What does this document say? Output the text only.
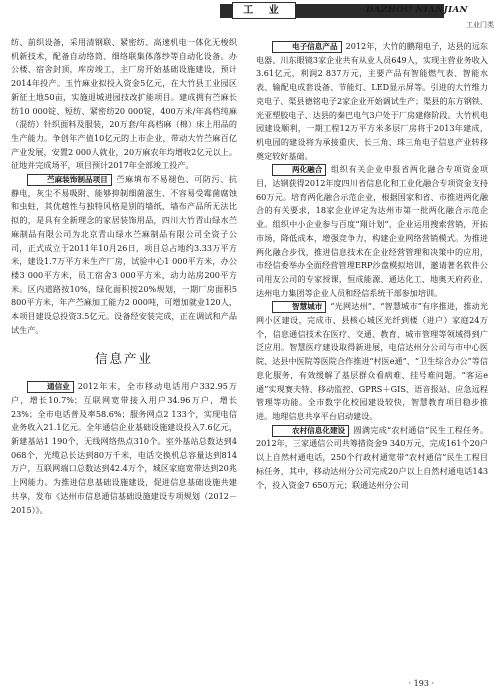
工 业	DAZHOU NIANJIAN
工业门类

纺、前织设备，采用清钢联、紧密纺、高速机电一体化无梭织机新技术，配备自动络筒、细络联集体落纱等自动化设备。办公楼、宿舍封顶，库房竣工，主厂房开始基础设施建设，预计2014年投产。玉竹麻业拟投入资金5亿元，在大竹县工业园区新征土地50亩，实施退城进园技改扩能项目。建成拥有苎麻长纺10 000锭、短纺、紧密纺20 000锭，400万米/年高档纯麻（混纺）针织面料及服装，20万套/年高档麻（棉）床上用品的生产能力。争创年产值10亿元的上市企业，带动大竹苎麻百亿产业发展，安置2 000人就业，20万麻农年均增收2亿元以上。征地并完成场平，项目预计2017年全部竣工投产。

苎麻装饰制品项目 苎麻填布不易褪色、可防污、抗静电，灰尘不易吸附、能够抑制细菌滋生、不容易受霉菌腐蚀和虫蛀，其优越性与独特风格是别的墙纸、墙布产品所无法比拟的，是具有全新理念的家居装饰用品，四川大竹青山绿水苎麻制品有限公司为北京青山绿水苎麻制品有限公司全资子公司，正式成立于2011年10月26日，项目总占地约3.33万平方米，建设1.7万平方米生产厂房，试验中心1 000平方米，办公楼3 000平方米，员工宿舍3 000平方米，动力站房200平方米。区内道路按10%，绿化面积按20%规划，一期厂房面积5 800平方米，年产苎麻加工能力2 000吨，可增加就业120人，本项目建设总投资3.5亿元。设备经安装完成，正在调试和产品试生产。

信息产业

通信业 2012年末，全市移动电话用户332.95万户，增长10.7%；互联网宽带接入用户34.96万户，增长23%；全市电话普及率58.6%；服务网点2 133个，实现电信业务收入21.1亿元。全年通信企业基础设施建设投入7.6亿元，新建基站1 190个，无线网络热点310个。室外基站总数达到4 068个，光缆总长达到80万千米，电话交换机总容量达到814万户，互联网端口总数达到42.4万个，城区家庭宽带达到20兆上网能力。为推进信息基础设施建设，促进信息基础设施共建共享，发布《达州市信息通信基础设施建设专项规划（2012－2015）》。

电子信息产品 2012年，大竹的鹏翔电子，达县的远东电器、川东眼镜3家企业共有从业人员649人，实现主营业务收入3.61亿元，利润2 837万元，主要产品有智能燃气表、智能水表、输配电成套设备、节能灯、LED显示屏等。引进的大竹维力克电子、渠县德铭电子2家企业开始调试生产；渠县的东方钢铁、光亚塑胶电子、达县的秦巴电气3户处于厂房建修阶段。大竹机电园建设顺利，一期工程12万平方米多层厂房将于2013年建成，机电园的建设将为承接重庆、长三角、珠三角电子信息产业转移奠定较好基础。

两化融合 组织有关企业申报省两化融合专项资金项目，达钢获得2012年度四川省信息化和工业化融合专项资金支持60万元。培育两化融合示范企业，根据国家和省、市推进两化融合的有关要求，18家企业评定为达州市第一批两化融合示范企业。组织中小企业参与百度“翔计划”，企业运用搜索营销，开拓市场，降低成本，增强竞争力，构建企业网络营销模式。为推进两化融合步伐，推进信息技术在企业经营管理和决策中的应用，市经信委举办全面经营管理ERP沙盘模拟培训，邀请著名软件公司用友公司的专家授课，恒成能源、通达化工、地奥天府药业、达州电力集团等企业人员和经信系统干部参加培训。

智慧城市 “光网达州”、“智慧城市”有序推进，推动光网小区建设，完成市、县核心城区光纤到楼（进户）家庭24万个，信息通信技术在医疗、交通、教育、城市管理等领域得到广泛应用。智慧医疗建设取得新进展，电信达州分公司与市中心医院、达县中医院等医院合作推进“村医e通”、“卫生综合办公”等信息化服务，有效缓解了基层群众看病难、挂号难问题。“客运e通”实现赛夫特、移动监控、GPRS＋GIS、语音报站、应急远程管理等功能。全市数字化校园建设较快，智慧教育项目稳步推进。地理信息共享平台启动建设。

农村信息化建设 圆满完成“农村通信”民生工程任务。2012年，三家通信公司共筹措资金9 340万元，完成161个20户以上自然村通电话，250个行政村通宽带“农村通信”民生工程目标任务，其中，移动达州分公司完成20户以上自然村通电话143个，投入资金7 650万元；联通达州分公司

· 193 ·
